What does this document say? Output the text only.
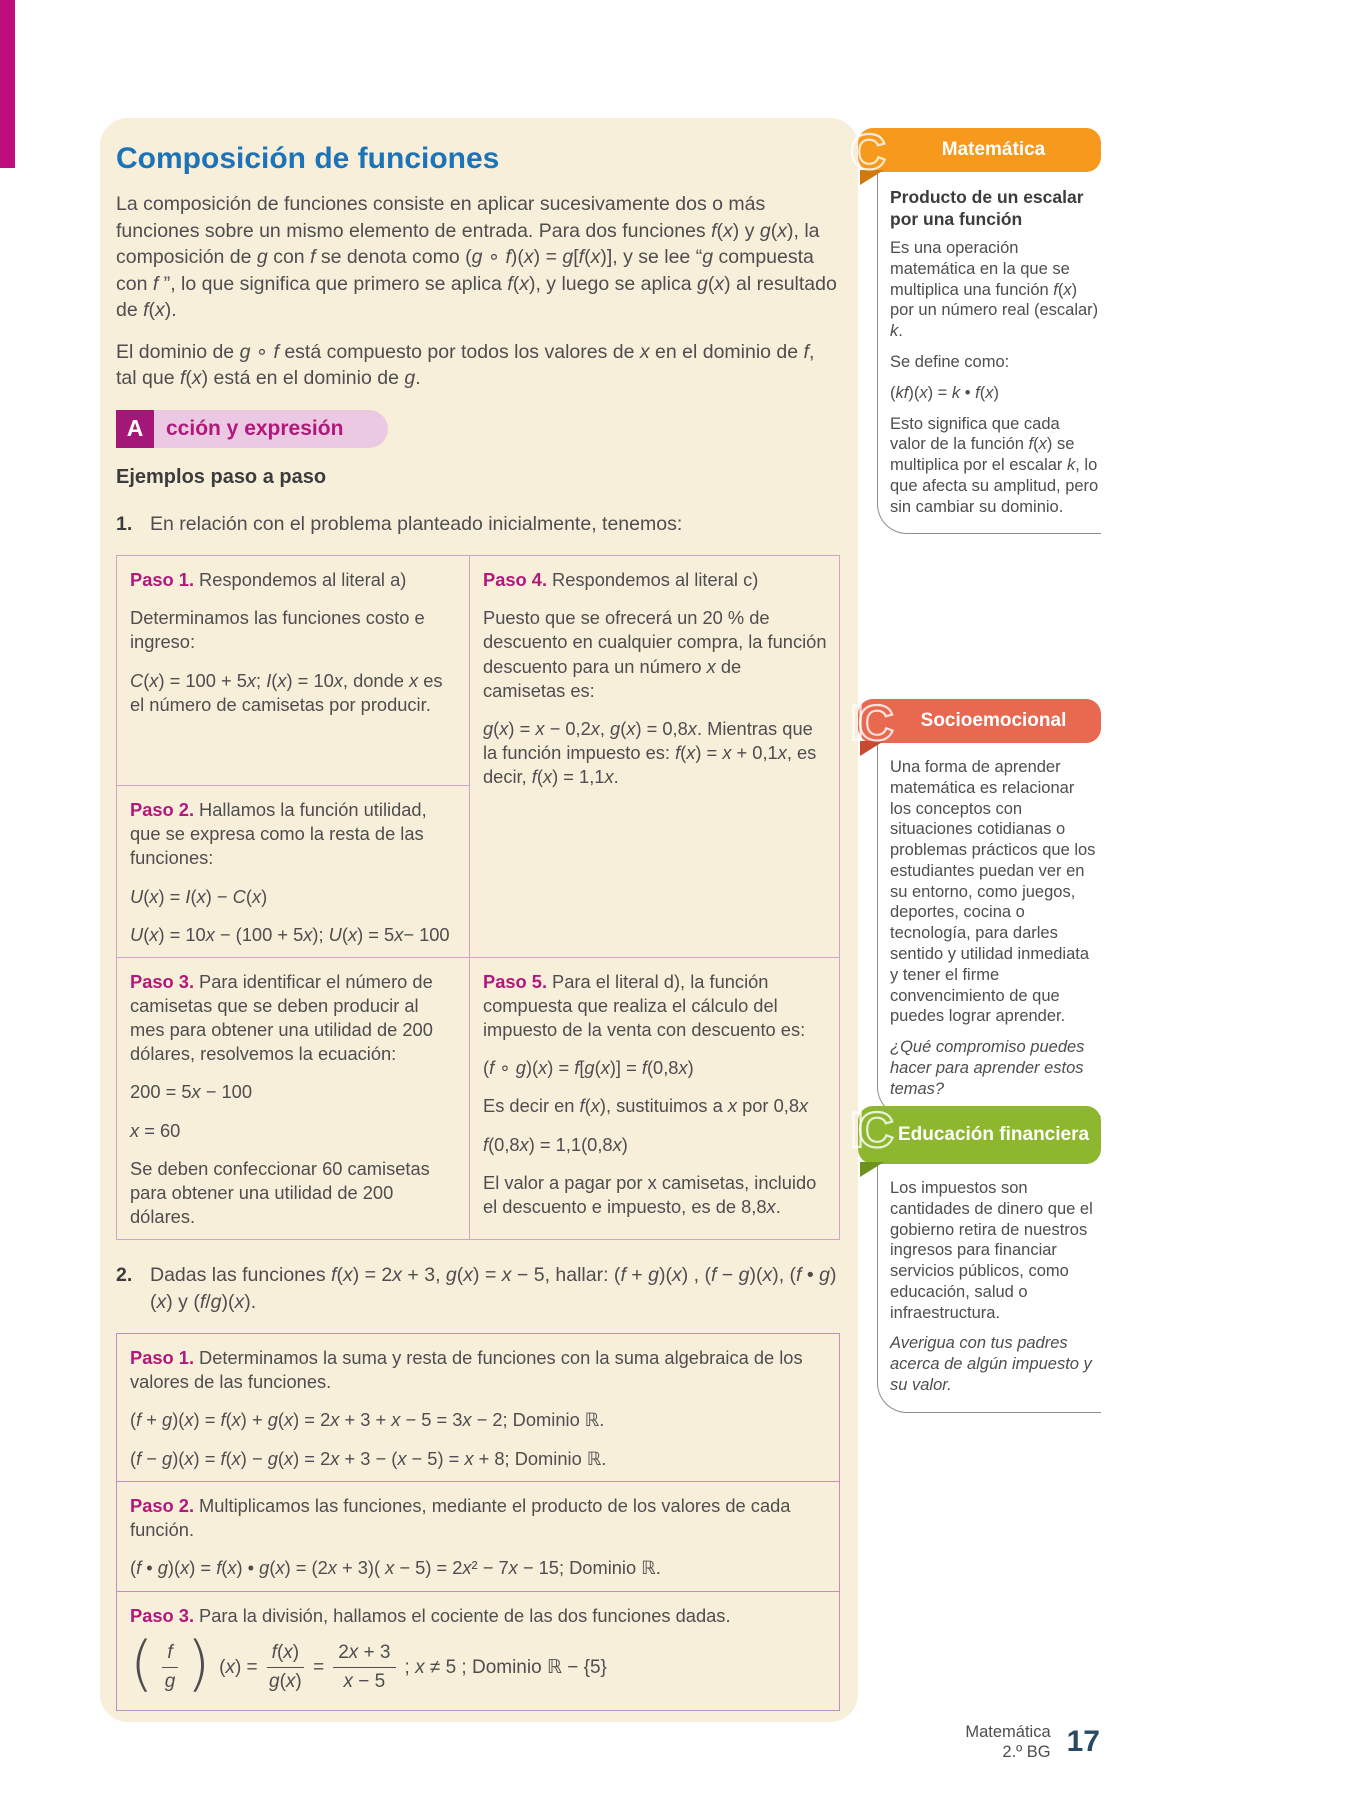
Composición de funciones

La composición de funciones consiste en aplicar sucesivamente dos o más funciones sobre un mismo elemento de entrada. Para dos funciones f(x) y g(x), la composición de g con f se denota como (g ∘ f)(x) = g[f(x)], y se lee “g compuesta con f ”, lo que significa que primero se aplica f(x), y luego se aplica g(x) al resultado de f(x).

El dominio de g ∘ f está compuesto por todos los valores de x en el dominio de f, tal que f(x) está en el dominio de g.

A	cción y expresión
Ejemplos paso a paso
1. En relación con el problema planteado inicialmente, tenemos:

Paso 1. Respondemos al literal a)

Determinamos las funciones costo e ingreso:

C(x) = 100 + 5x; I(x) = 10x, donde x es el número de camisetas por producir.

Paso 2. Hallamos la función utilidad, que se expresa como la resta de las funciones:

U(x) = I(x) − C(x)

U(x) = 10x − (100 + 5x); U(x) = 5x− 100

Paso 3. Para identificar el número de camisetas que se deben producir al mes para obtener una utilidad de 200 dólares, resolvemos la ecuación:

200 = 5x − 100

x = 60

Se deben confeccionar 60 camisetas para obtener una utilidad de 200 dólares.

Paso 4. Respondemos al literal c)

Puesto que se ofrecerá un 20 % de descuento en cualquier compra, la función descuento para un número x de camisetas es:

g(x) = x − 0,2x, g(x) = 0,8x. Mientras que la función impuesto es: f(x) = x + 0,1x, es decir, f(x) = 1,1x.

Paso 5. Para el literal d), la función compuesta que realiza el cálculo del impuesto de la venta con descuento es:

(f ∘ g)(x) = f[g(x)] = f(0,8x)

Es decir en f(x), sustituimos a x por 0,8x

f(0,8x) = 1,1(0,8x)

El valor a pagar por x camisetas, incluido el descuento e impuesto, es de 8,8x.

2. Dadas las funciones f(x) = 2x + 3, g(x) = x − 5, hallar: (f + g)(x) , (f − g)(x), (f • g)(x) y (f/g)(x).

Paso 1. Determinamos la suma y resta de funciones con la suma algebraica de los valores de las funciones.

(f + g)(x) = f(x) + g(x) = 2x + 3 + x − 5 = 3x − 2; Dominio ℝ.

(f − g)(x) = f(x) − g(x) = 2x + 3 − (x − 5) = x + 8; Dominio ℝ.

Paso 2. Multiplicamos las funciones, mediante el producto de los valores de cada función.

(f • g)(x) = f(x) • g(x) = (2x + 3)( x − 5) = 2x² − 7x − 15; Dominio ℝ.

Paso 3. Para la división, hallamos el cociente de las dos funciones dadas.

( $\frac{f}{g}$ ) $(x) = \frac{f(x)}{g(x)} = \frac{2x + 3}{x - 5}$ ; x ≠ 5 ; Dominio ℝ − {5}
C	Matemática
Producto de un escalar por una función

Es una operación matemática en la que se multiplica una función f(x) por un número real (escalar) k.

Se define como:

(kf)(x) = k • f(x)

Esto significa que cada valor de la función f(x) se multiplica por el escalar k, lo que afecta su amplitud, pero sin cambiar su dominio.

IC Socioemocional

Una forma de aprender matemática es relacionar los conceptos con situaciones cotidianas o problemas prácticos que los estudiantes puedan ver en su entorno, como juegos, deportes, cocina o tecnología, para darles sentido y utilidad inmediata y tener el firme convencimiento de que puedes lograr aprender.

¿Qué compromiso puedes hacer para aprender estos temas?

IC Educación financiera

Los impuestos son cantidades de dinero que el gobierno retira de nuestros ingresos para financiar servicios públicos, como educación, salud o infraestructura.

Averigua con tus padres acerca de algún impuesto y su valor.

Matemática
2.º BG 17
